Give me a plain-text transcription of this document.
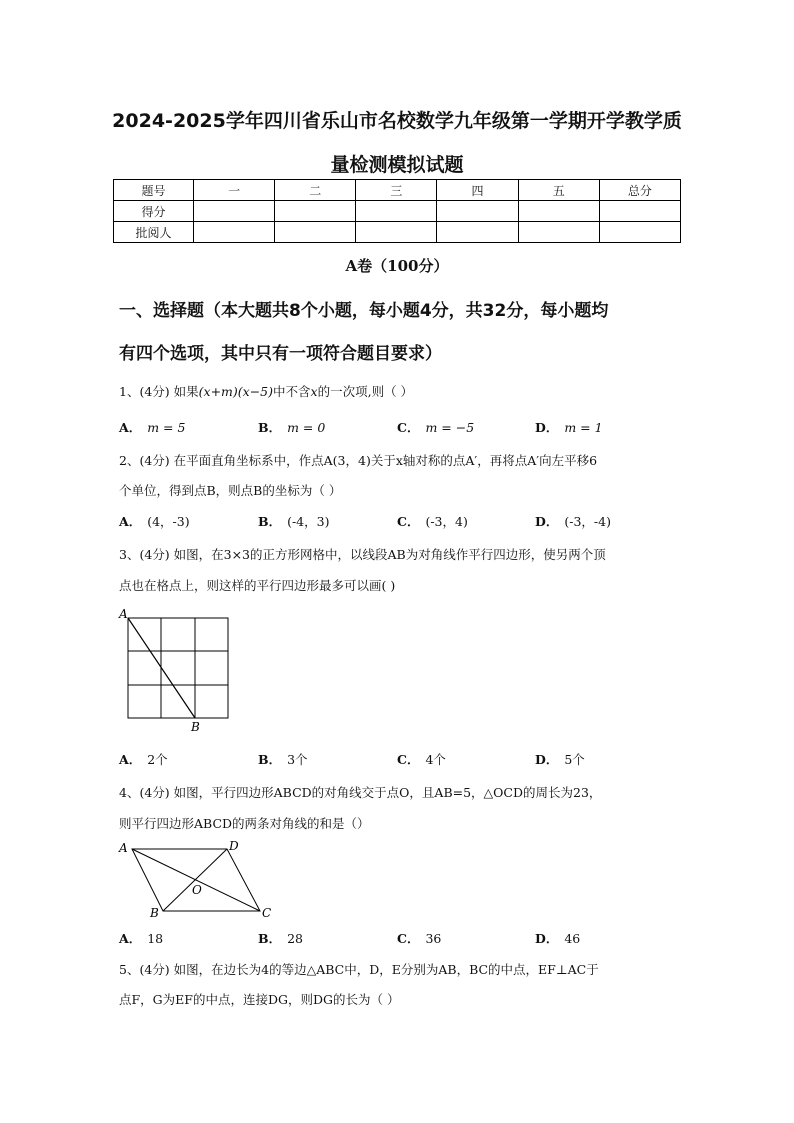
2024-2025学年四川省乐山市名校数学九年级第一学期开学教学质
量检测模拟试题
题号	一	二	三	四	五	总分
得分						
批阅人						
A卷（100分）
一、选择题（本大题共8个小题，每小题4分，共32分，每小题均
有四个选项，其中只有一项符合题目要求）
1、(4分) 如果(x+m)(x−5)中不含x的一次项,则（ ）
A． m = 5	B． m = 0	C． m = −5	D． m = 1
2、(4分) 在平面直角坐标系中，作点A(3，4)关于x轴对称的点A′，再将点A′向左平移6
个单位，得到点B，则点B的坐标为（ ）
A． (4，-3)	B． (-4，3)	C． (-3，4)	D． (-3，-4)
3、(4分) 如图，在3×3的正方形网格中，以线段AB为对角线作平行四边形，使另两个顶
点也在格点上，则这样的平行四边形最多可以画( )
A
B
A． 2个	B． 3个	C． 4个	D． 5个
4、(4分) 如图，平行四边形ABCD的对角线交于点O，且AB=5，△OCD的周长为23，
则平行四边形ABCD的两条对角线的和是（）
A	D
B	C
O
A． 18	B． 28	C． 36	D． 46
5、(4分) 如图，在边长为4的等边△ABC中，D，E分别为AB，BC的中点，EF⊥AC于
点F，G为EF的中点，连接DG，则DG的长为（ ）
